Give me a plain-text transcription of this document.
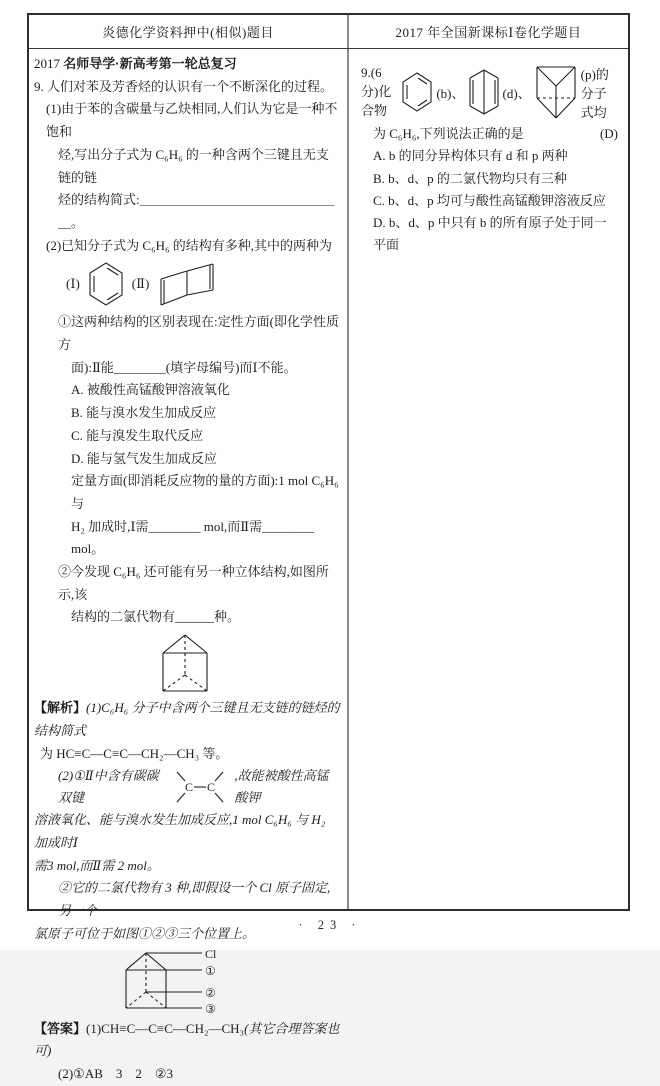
炎德化学资料押中(相似)题目	2017 年全国新课标Ⅰ卷化学题目
2017 名师导学·新高考第一轮总复习
9. 人们对苯及芳香烃的认识有一个不断深化的过程。
(1)由于苯的含碳量与乙炔相同,人们认为它是一种不饱和
烃,写出分子式为 C₆H₆ 的一种含两个三键且无支链的链
烃的结构简式:＿＿＿＿＿＿＿＿＿＿＿＿＿＿＿＿。
(2)已知分子式为 C₆H₆ 的结构有多种,其中的两种为
(Ⅰ)	(Ⅱ)
①这两种结构的区别表现在:定性方面(即化学性质方
面):Ⅱ能________(填字母编号)而Ⅰ不能。
A. 被酸性高锰酸钾溶液氧化
B. 能与溴水发生加成反应
C. 能与溴发生取代反应
D. 能与氢气发生加成反应
定量方面(即消耗反应物的量的方面):1 mol C₆H₆ 与
H₂ 加成时,Ⅰ需________ mol,而Ⅱ需________ mol。
②今发现 C₆H₆ 还可能有另一种立体结构,如图所示,该
结构的二氯代物有______种。
【解析】(1)C₆H₆ 分子中含两个三键且无支链的链烃的结构简式
为 HC≡C—C≡C—CH₂—CH₃ 等。
(2)①Ⅱ中含有碳碳双键
C C
,故能被酸性高锰酸钾
溶液氧化、能与溴水发生加成反应,1 mol C₆H₆ 与 H₂ 加成时Ⅰ
需3 mol,而Ⅱ需 2 mol。
②它的二氯代物有 3 种,即假设一个 Cl 原子固定,另一个
氯原子可位于如图①②③三个位置上。
Cl
①
②
③
【答案】(1)CH≡C—C≡C—CH₂—CH₃(其它合理答案也可)
(2)①AB　3　2　②3
9.(6 分)化合物
(b)、	(d)、
(p)的分子式均
为 C₆H₆,下列说法正确的是	(D)
A. b 的同分异构体只有 d 和 p 两种
B. b、d、p 的二氯代物均只有三种
C. b、d、p 均可与酸性高锰酸钾溶液反应
D. b、d、p 中只有 b 的所有原子处于同一平面
· 23 ·
